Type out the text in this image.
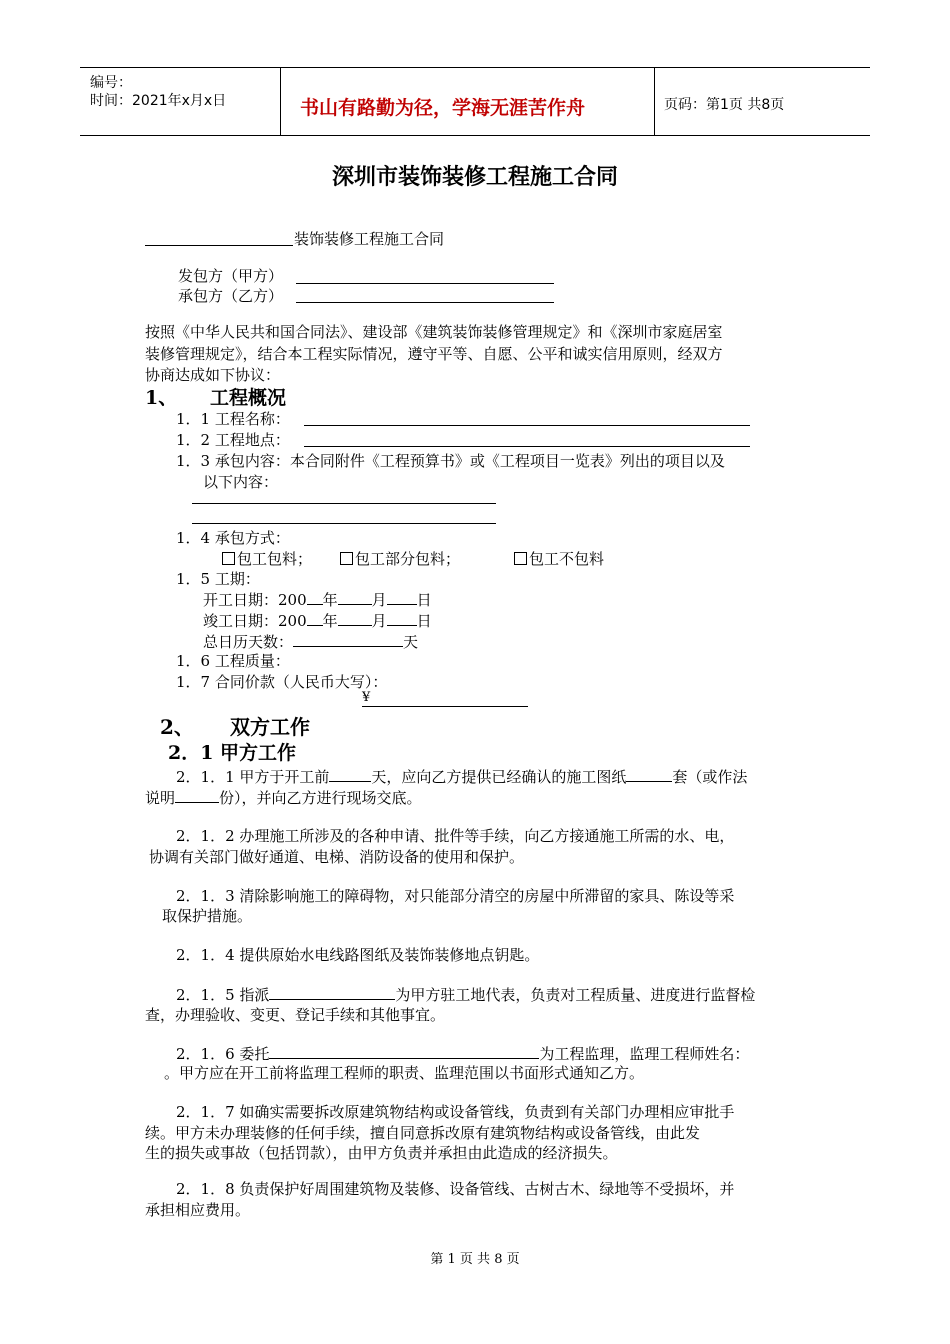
编号：
时间：2021年x月x日	书山有路勤为径，学海无涯苦作舟	页码：第1页 共8页
深圳市装饰装修工程施工合同
装饰装修工程施工合同
发包方（甲方）
承包方（乙方）
按照《中华人民共和国合同法》、建设部《建筑装饰装修管理规定》和《深圳市家庭居室
装修管理规定》，结合本工程实际情况，遵守平等、自愿、公平和诚实信用原则，经双方
协商达成如下协议：
1、 工程概况
1．1 工程名称：
1．2 工程地点：
1．3 承包内容：本合同附件《工程预算书》或《工程项目一览表》列出的项目以及
以下内容：
1．4 承包方式：
包工包料；	包工部分包料；	包工不包料
1．5 工期：
开工日期：200 年 月 日
竣工日期：200 年 月 日
总日历天数：	天
1．6 工程质量：
1．7 合同价款（人民币大写）：
¥
2、 双方工作
2．1 甲方工作
2．1．1 甲方于开工前	天，应向乙方提供已经确认的施工图纸	套（或作法
说明	份），并向乙方进行现场交底。
2．1．2 办理施工所涉及的各种申请、批件等手续，向乙方接通施工所需的水、电，
协调有关部门做好通道、电梯、消防设备的使用和保护。
2．1．3 清除影响施工的障碍物，对只能部分清空的房屋中所滞留的家具、陈设等采
取保护措施。
2．1．4 提供原始水电线路图纸及装饰装修地点钥匙。
2．1．5 指派	为甲方驻工地代表，负责对工程质量、进度进行监督检
查，办理验收、变更、登记手续和其他事宜。
2．1．6 委托	为工程监理，监理工程师姓名：
。甲方应在开工前将监理工程师的职责、监理范围以书面形式通知乙方。
2．1．7 如确实需要拆改原建筑物结构或设备管线，负责到有关部门办理相应审批手
续。甲方未办理装修的任何手续，擅自同意拆改原有建筑物结构或设备管线，由此发
生的损失或事故（包括罚款），由甲方负责并承担由此造成的经济损失。
2．1．8 负责保护好周围建筑物及装修、设备管线、古树古木、绿地等不受损坏，并
承担相应费用。
第 1 页 共 8 页
